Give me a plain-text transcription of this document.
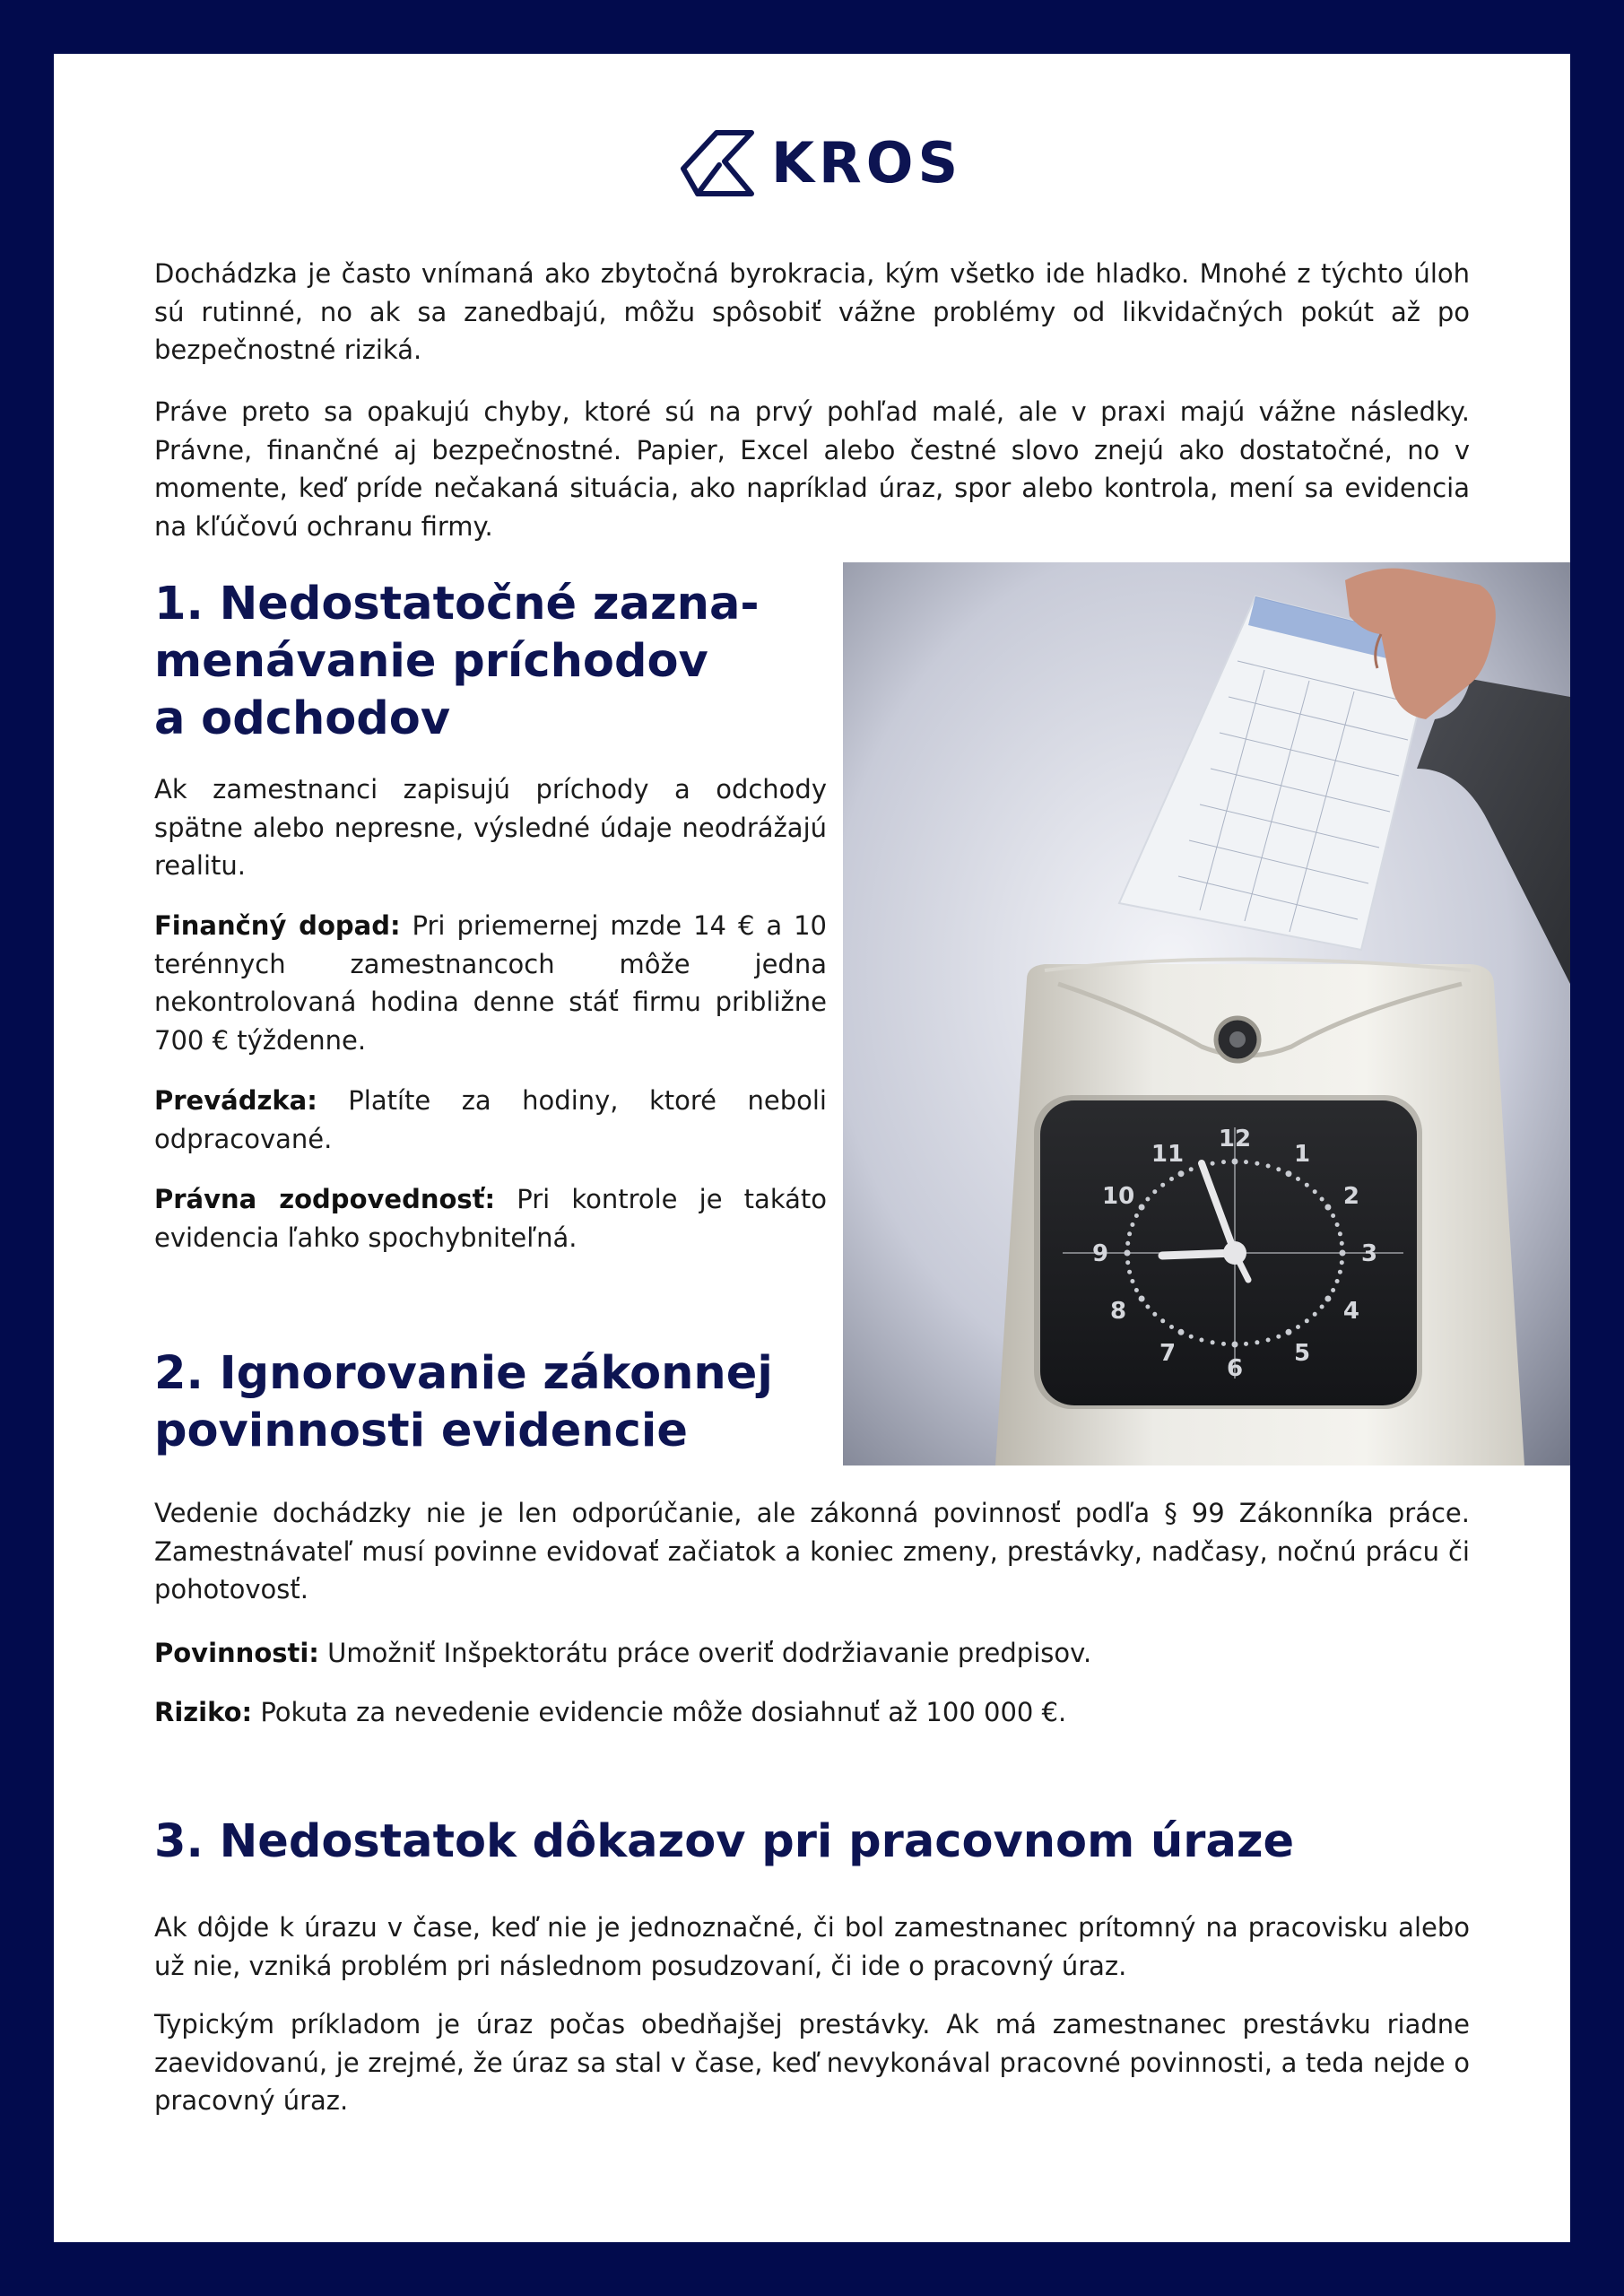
KROS

Dochádzka je často vnímaná ako zbytočná byrokracia, kým všetko ide hladko. Mnohé z týchto úloh sú rutinné, no ak sa zanedbajú, môžu spôsobiť vážne problémy od likvidačných pokút až po bezpečnostné riziká.

Práve preto sa opakujú chyby, ktoré sú na prvý pohľad malé, ale v praxi majú vážne následky. Právne, finančné aj bezpečnostné. Papier, Excel alebo čestné slovo znejú ako dostatočné, no v momente, keď príde nečakaná situácia, ako napríklad úraz, spor alebo kontrola, mení sa evidencia na kľúčovú ochranu firmy.

1. Nedostatočné zazna-
menávanie príchodov
a odchodov

Ak zamestnanci zapisujú príchody a odchody spätne alebo nepresne, výsledné údaje neodrážajú realitu.

Finančný dopad: Pri priemernej mzde 14 € a 10 terénnych zamestnancoch môže jedna nekontrolovaná hodina denne stáť firmu približne 700 € týždenne.

Prevádzka: Platíte za hodiny, ktoré neboli odpracované.

Právna zodpovednosť: Pri kontrole je takáto evidencia ľahko spochybniteľná.

2. Ignorovanie zákonnej
povinnosti evidencie
12
1
2
3
4
5
6
7
8
9
10
11

Vedenie dochádzky nie je len odporúčanie, ale zákonná povinnosť podľa § 99 Zákonníka práce. Zamestnávateľ musí povinne evidovať začiatok a koniec zmeny, prestávky, nadčasy, nočnú prácu či pohotovosť.

Povinnosti: Umožniť Inšpektorátu práce overiť dodržiavanie predpisov.

Riziko: Pokuta za nevedenie evidencie môže dosiahnuť až 100 000 €.

3. Nedostatok dôkazov pri pracovnom úraze

Ak dôjde k úrazu v čase, keď nie je jednoznačné, či bol zamestnanec prítomný na pracovisku alebo už nie, vzniká problém pri následnom posudzovaní, či ide o pracovný úraz.

Typickým príkladom je úraz počas obedňajšej prestávky. Ak má zamestnanec prestávku riadne zaevidovanú, je zrejmé, že úraz sa stal v čase, keď nevykonával pracovné povinnosti, a teda nejde o pracovný úraz.
